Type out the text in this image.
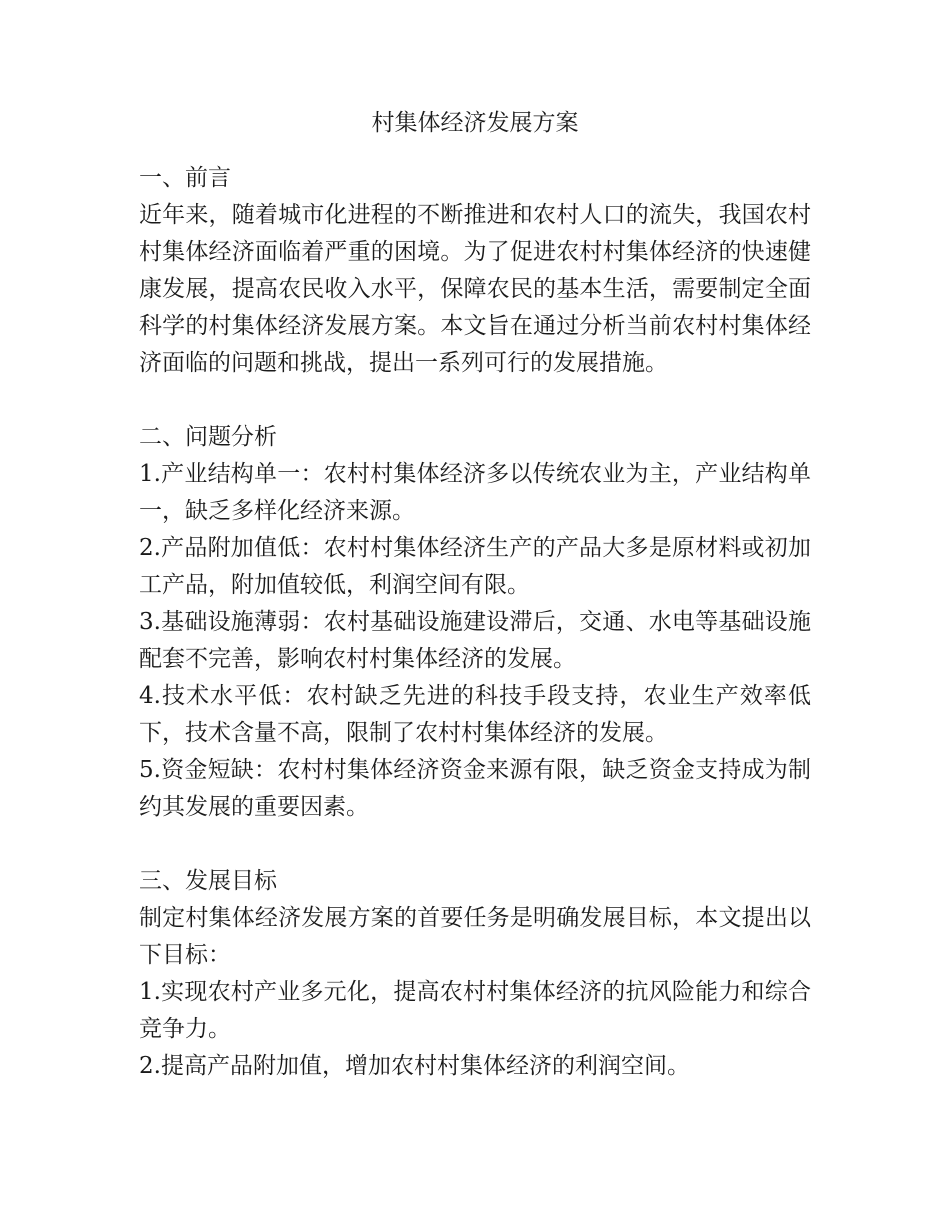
村集体经济发展方案

一、前言

近年来，随着城市化进程的不断推进和农村人口的流失，我国农村村集体经济面临着严重的困境。为了促进农村村集体经济的快速健康发展，提高农民收入水平，保障农民的基本生活，需要制定全面科学的村集体经济发展方案。本文旨在通过分析当前农村村集体经济面临的问题和挑战，提出一系列可行的发展措施。

二、问题分析

1.产业结构单一：农村村集体经济多以传统农业为主，产业结构单一，缺乏多样化经济来源。

2.产品附加值低：农村村集体经济生产的产品大多是原材料或初加工产品，附加值较低，利润空间有限。

3.基础设施薄弱：农村基础设施建设滞后，交通、水电等基础设施配套不完善，影响农村村集体经济的发展。

4.技术水平低：农村缺乏先进的科技手段支持，农业生产效率低下，技术含量不高，限制了农村村集体经济的发展。

5.资金短缺：农村村集体经济资金来源有限，缺乏资金支持成为制约其发展的重要因素。

三、发展目标

制定村集体经济发展方案的首要任务是明确发展目标，本文提出以下目标：

1.实现农村产业多元化，提高农村村集体经济的抗风险能力和综合竞争力。

2.提高产品附加值，增加农村村集体经济的利润空间。
